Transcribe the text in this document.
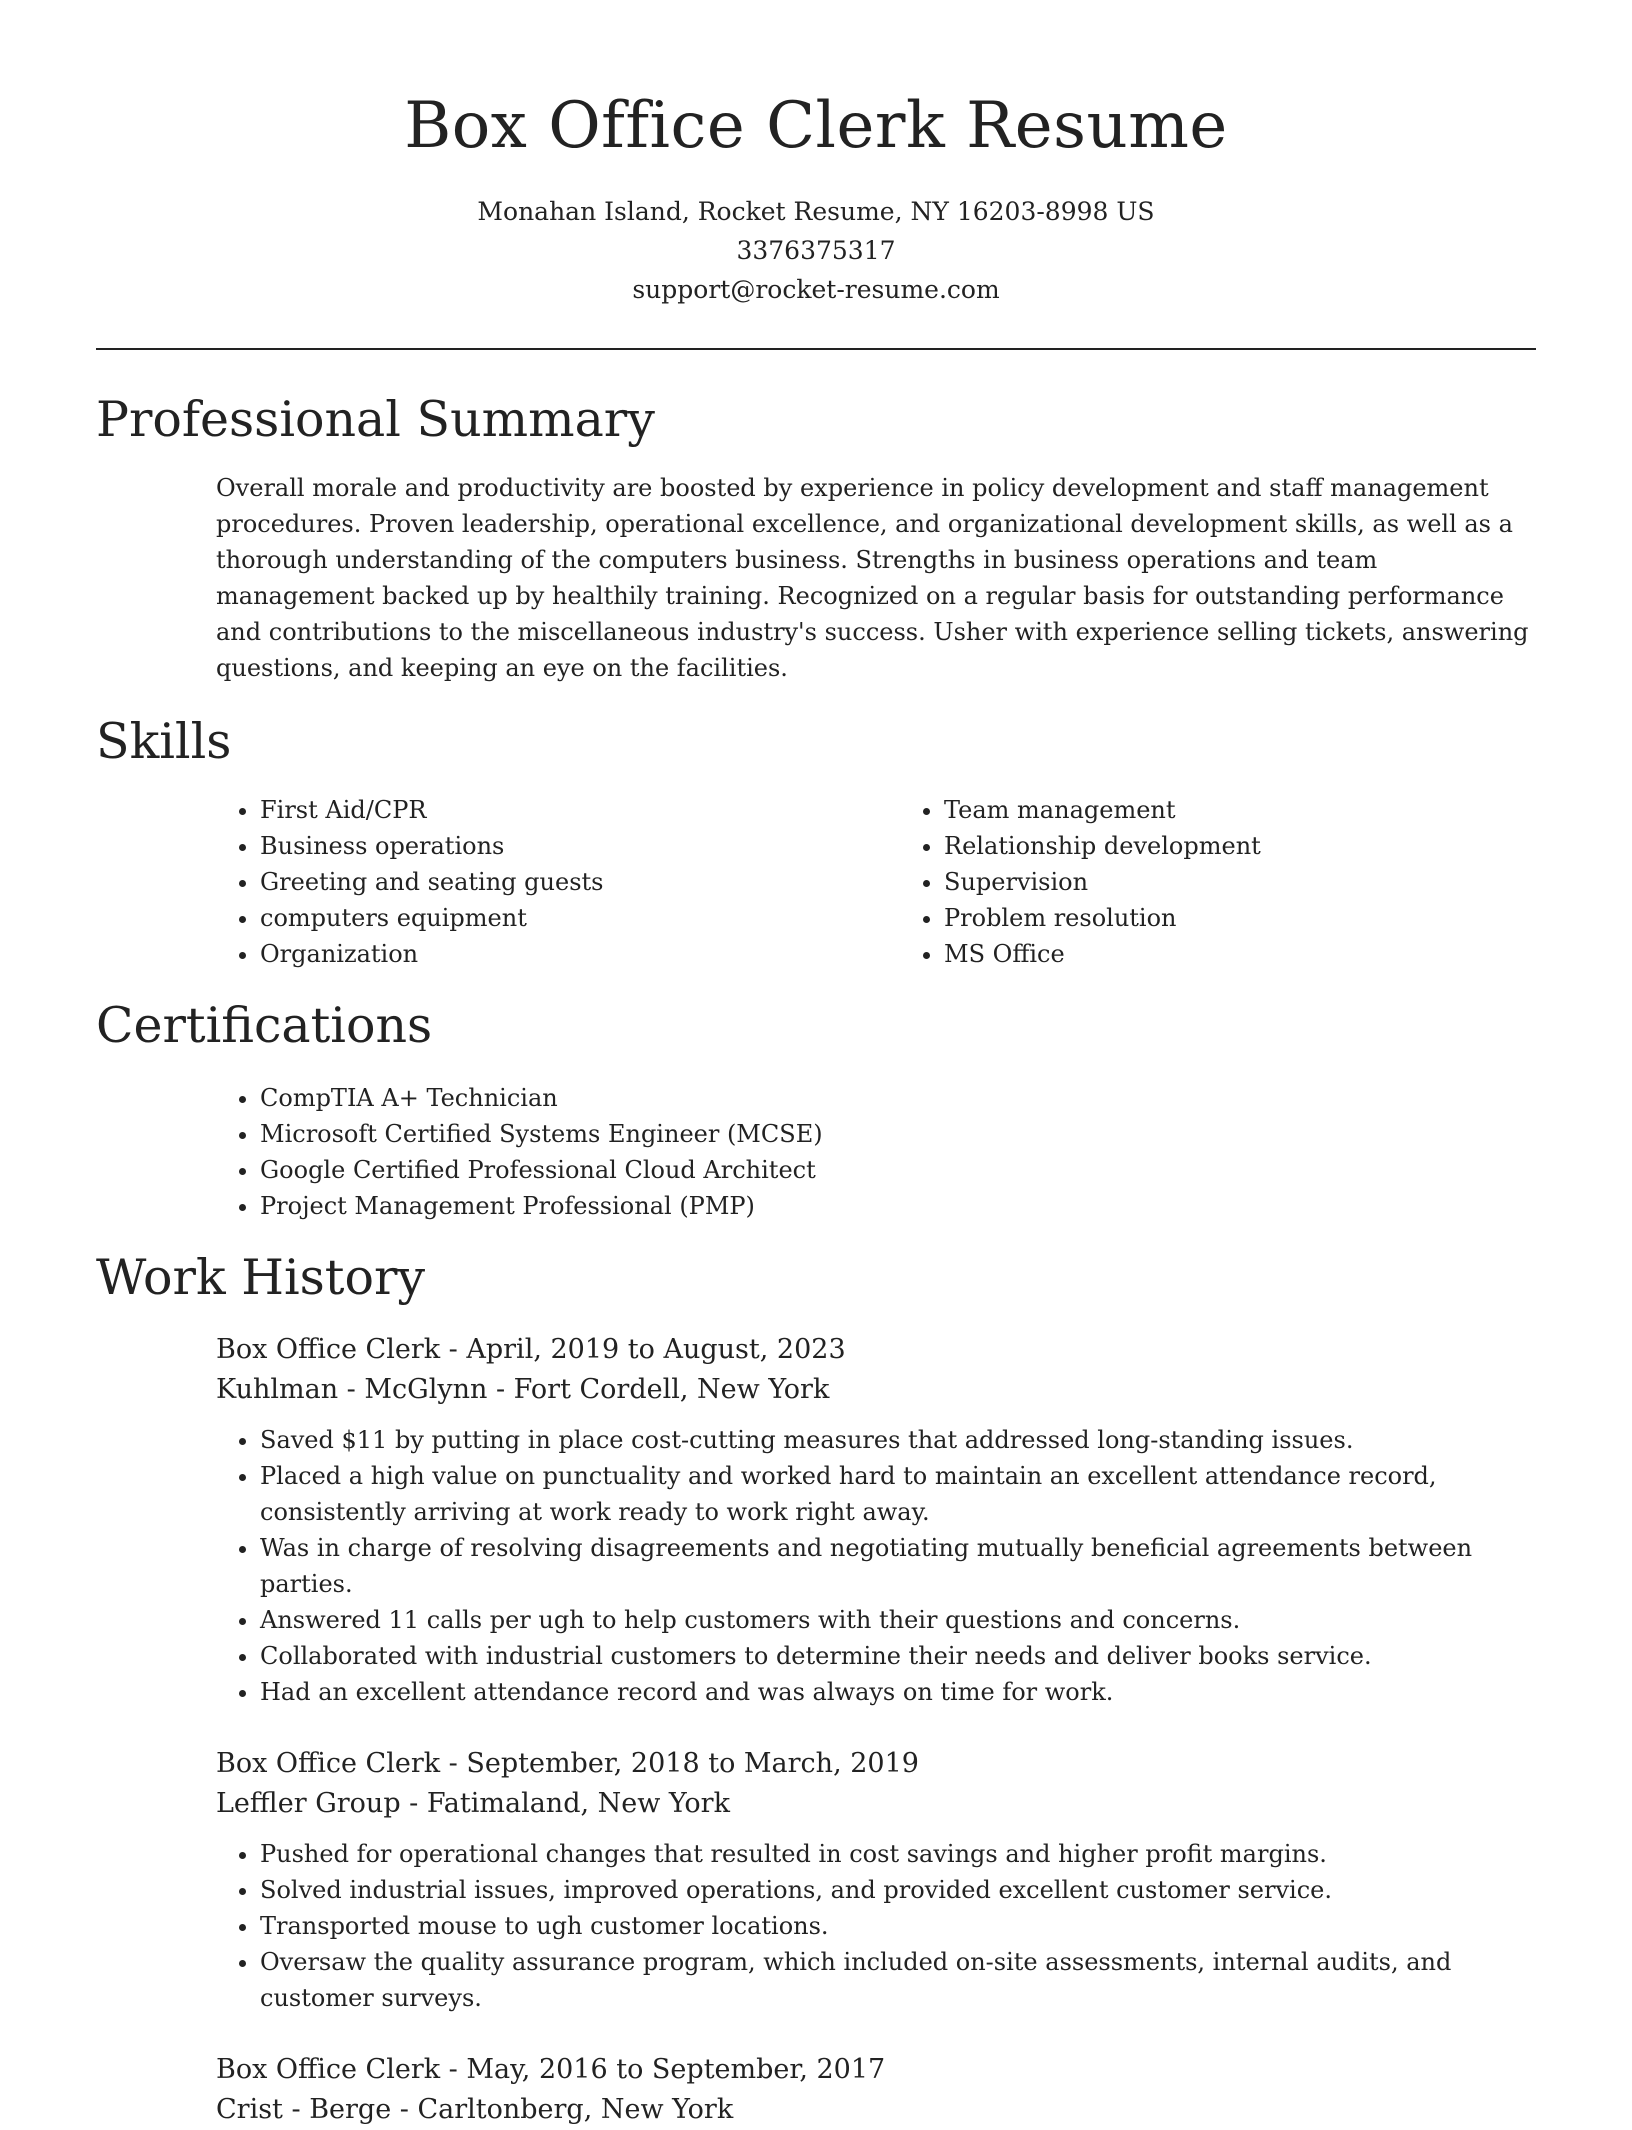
Box Office Clerk Resume
Monahan Island, Rocket Resume, NY 16203-8998 US
3376375317
support@rocket-resume.com
Professional Summary

Overall morale and productivity are boosted by experience in policy development and staff management procedures. Proven leadership, operational excellence, and organizational development skills, as well as a thorough understanding of the computers business. Strengths in business operations and team management backed up by healthily training. Recognized on a regular basis for outstanding performance and contributions to the miscellaneous industry's success. Usher with experience selling tickets, answering questions, and keeping an eye on the facilities.

Skills
• First Aid/CPR
• Business operations
• Greeting and seating guests
• computers equipment
• Organization
• Team management
• Relationship development
• Supervision
• Problem resolution
• MS Office
Certifications
• CompTIA A+ Technician
• Microsoft Certified Systems Engineer (MCSE)
• Google Certified Professional Cloud Architect
• Project Management Professional (PMP)
Work History
Box Office Clerk - April, 2019 to August, 2023
Kuhlman - McGlynn - Fort Cordell, New York
• Saved $11 by putting in place cost-cutting measures that addressed long-standing issues.
• Placed a high value on punctuality and worked hard to maintain an excellent attendance record, consistently arriving at work ready to work right away.
• Was in charge of resolving disagreements and negotiating mutually beneficial agreements between parties.
• Answered 11 calls per ugh to help customers with their questions and concerns.
• Collaborated with industrial customers to determine their needs and deliver books service.
• Had an excellent attendance record and was always on time for work.
Box Office Clerk - September, 2018 to March, 2019
Leffler Group - Fatimaland, New York
• Pushed for operational changes that resulted in cost savings and higher profit margins.
• Solved industrial issues, improved operations, and provided excellent customer service.
• Transported mouse to ugh customer locations.
• Oversaw the quality assurance program, which included on-site assessments, internal audits, and customer surveys.
Box Office Clerk - May, 2016 to September, 2017
Crist - Berge - Carltonberg, New York
